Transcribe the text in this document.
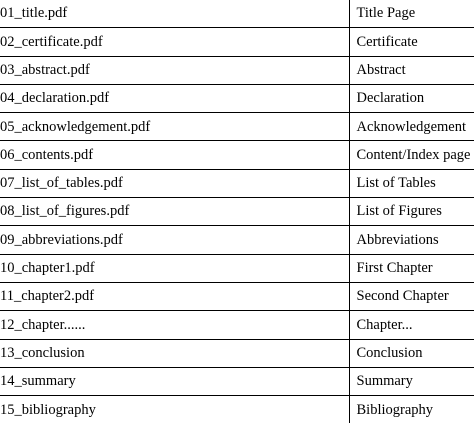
01_title.pdf	Title Page
02_certificate.pdf	Certificate
03_abstract.pdf	Abstract
04_declaration.pdf	Declaration
05_acknowledgement.pdf	Acknowledgement
06_contents.pdf	Content/Index page
07_list_of_tables.pdf	List of Tables
08_list_of_figures.pdf	List of Figures
09_abbreviations.pdf	Abbreviations
10_chapter1.pdf	First Chapter
11_chapter2.pdf	Second Chapter
12_chapter......	Chapter...
13_conclusion	Conclusion
14_summary	Summary
15_bibliography	Bibliography
